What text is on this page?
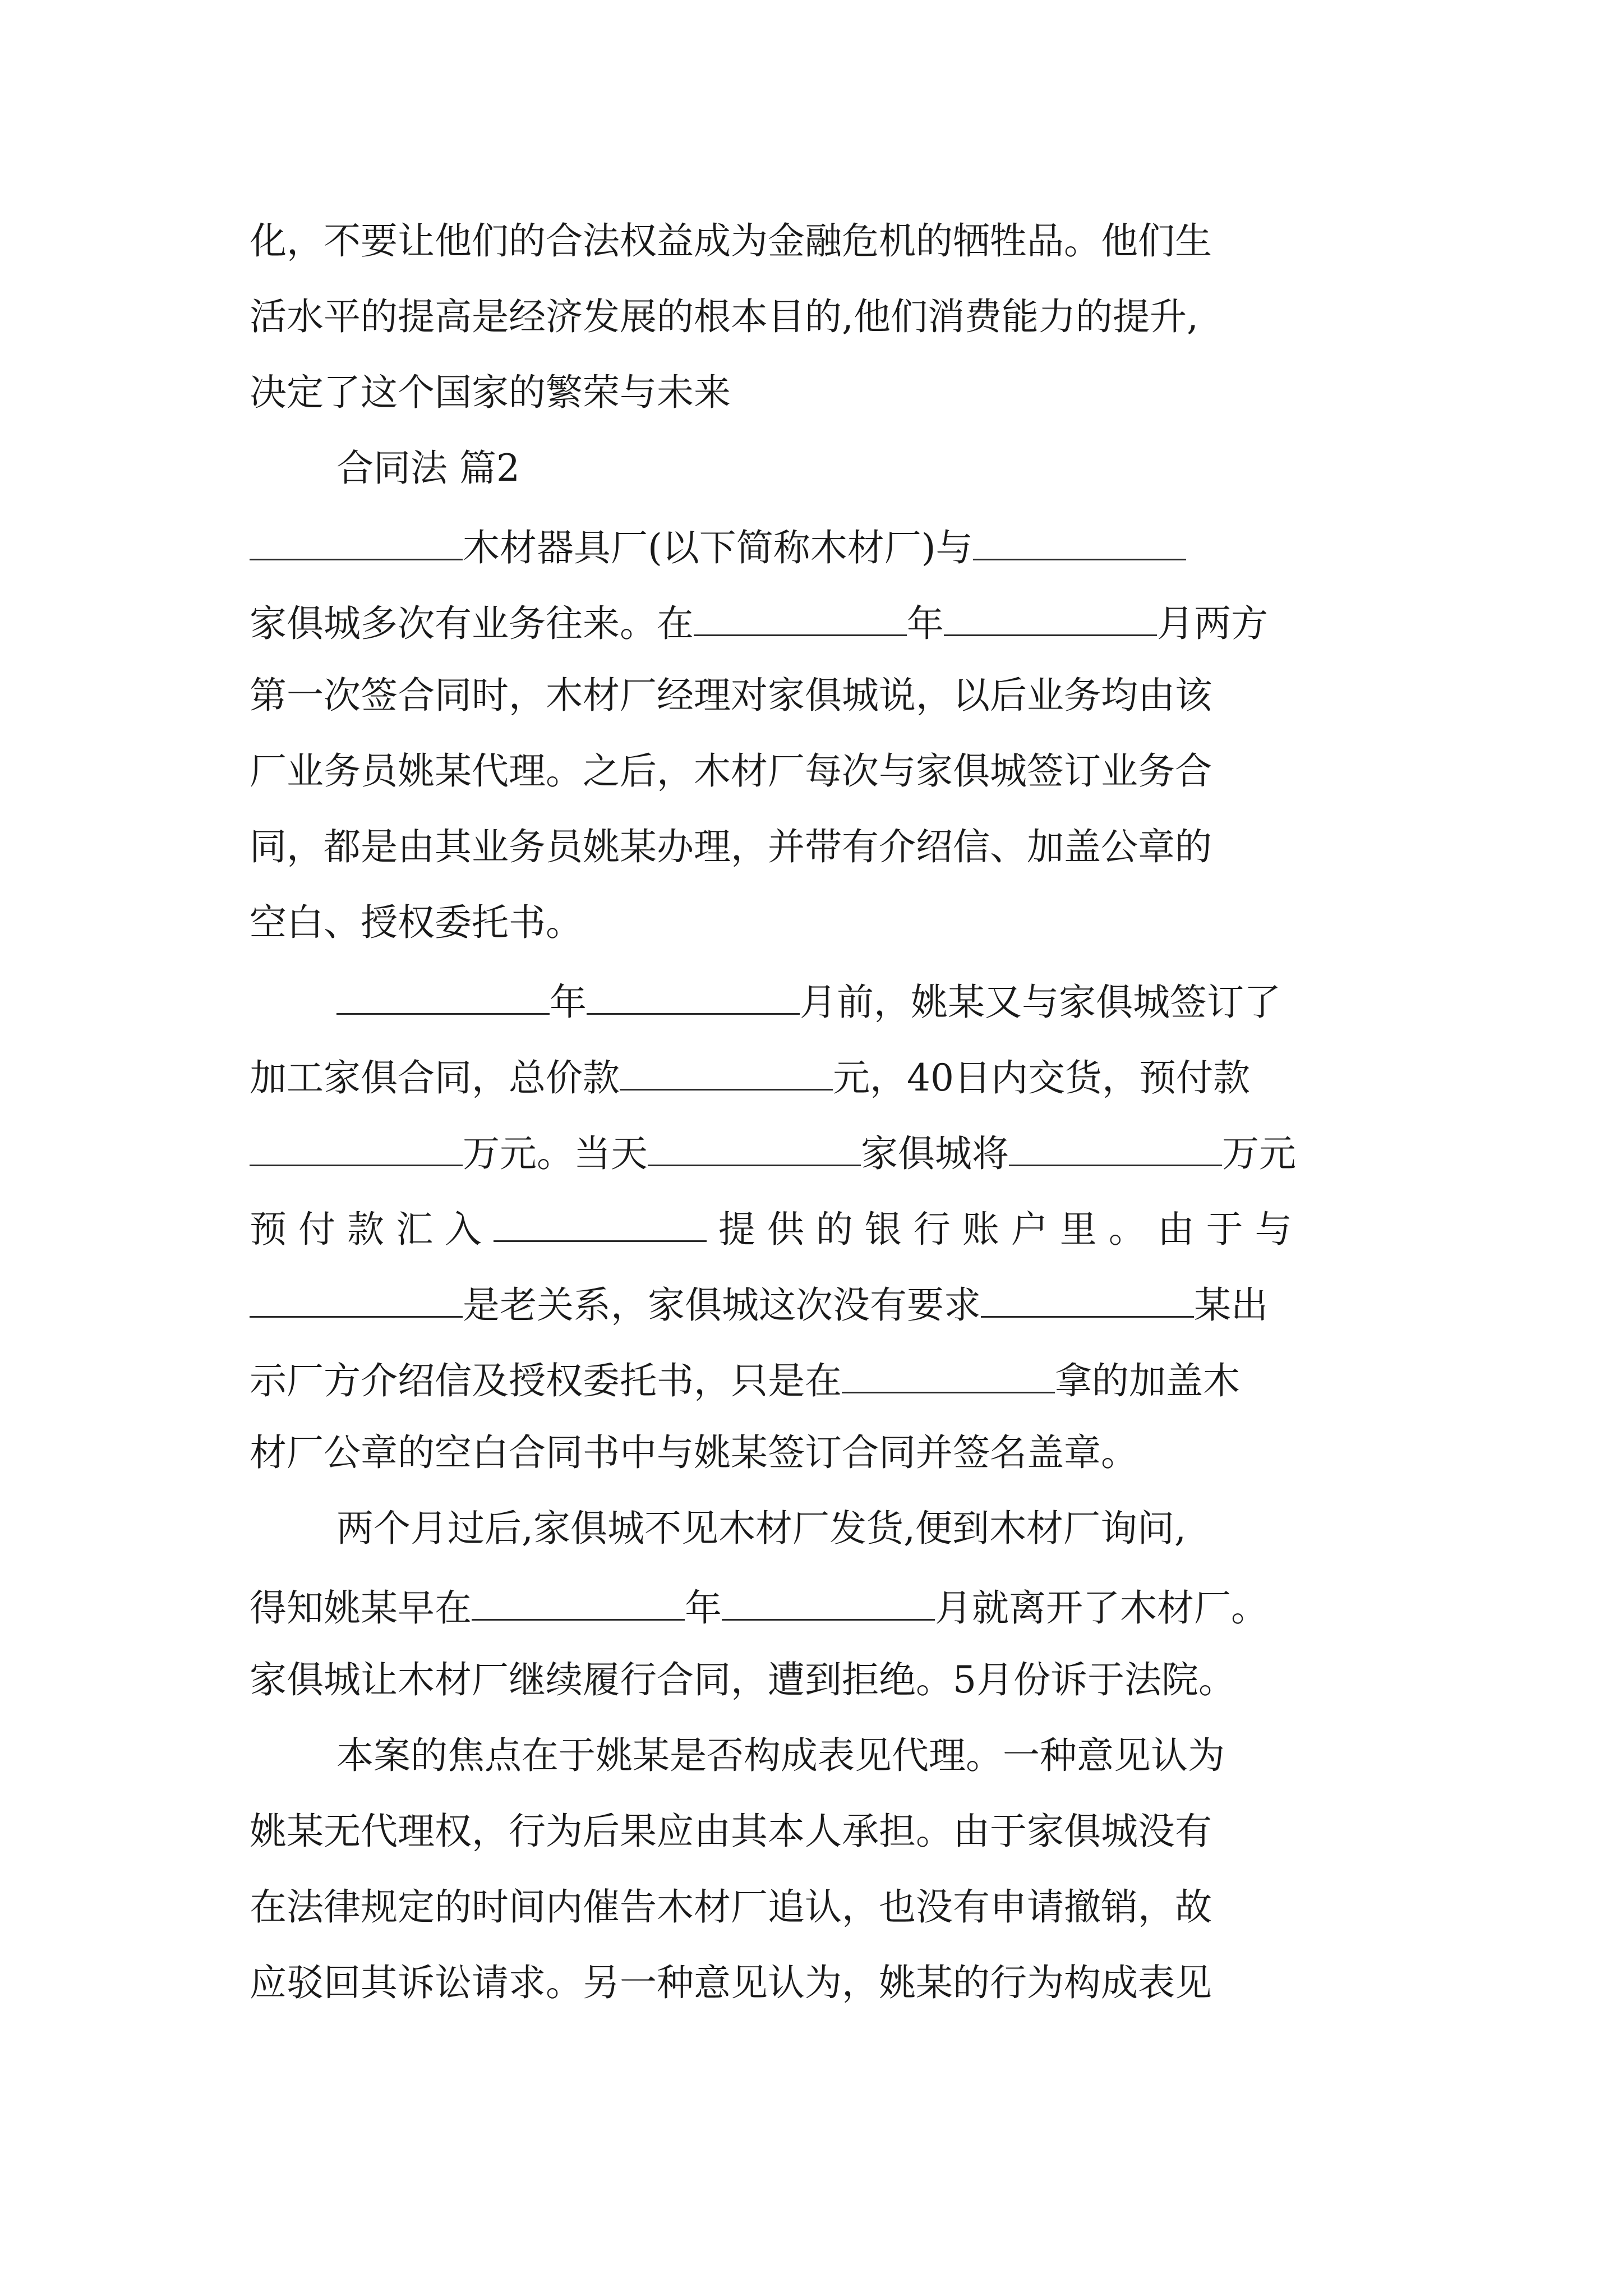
化，不要让他们的合法权益成为金融危机的牺牲品。他们生
活水平的提高是经济发展的根本目的,他们消费能力的提升,
决定了这个国家的繁荣与未来
合同法 篇2
木材器具厂(以下简称木材厂)与
家俱城多次有业务往来。在	年	月两方
第一次签合同时，木材厂经理对家俱城说，以后业务均由该
厂业务员姚某代理。之后，木材厂每次与家俱城签订业务合
同，都是由其业务员姚某办理，并带有介绍信、加盖公章的
空白、授权委托书。
年	月前，姚某又与家俱城签订了
加工家俱合同，总价款	元，40日内交货，预付款
万元。当天	家俱城将	万元
预 付 款 汇 入	提 供 的 银 行 账 户 里 。 由 于 与
是老关系，家俱城这次没有要求	某出
示厂方介绍信及授权委托书，只是在	拿的加盖木
材厂公章的空白合同书中与姚某签订合同并签名盖章。
两个月过后,家俱城不见木材厂发货,便到木材厂询问,
得知姚某早在	年	月就离开了木材厂。
家俱城让木材厂继续履行合同，遭到拒绝。5月份诉于法院。
本案的焦点在于姚某是否构成表见代理。一种意见认为
姚某无代理权，行为后果应由其本人承担。由于家俱城没有
在法律规定的时间内催告木材厂追认，也没有申请撤销，故
应驳回其诉讼请求。另一种意见认为，姚某的行为构成表见
